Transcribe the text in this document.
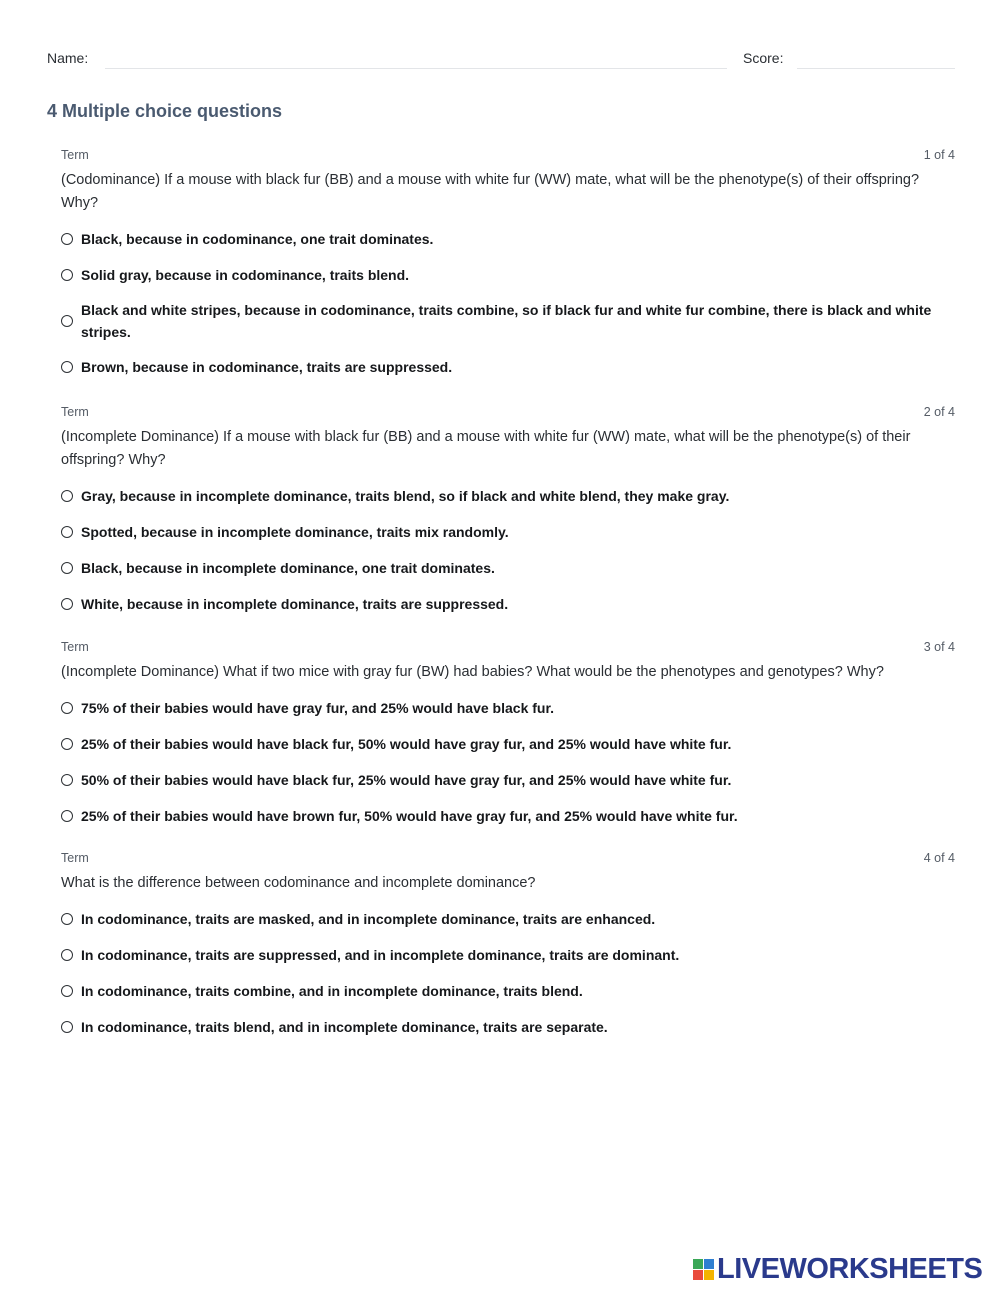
Name:	Score:
4 Multiple choice questions
Term	1 of 4
(Codominance) If a mouse with black fur (BB) and a mouse with white fur (WW) mate, what will be the phenotype(s) of their offspring? Why?
Black, because in codominance, one trait dominates.
Solid gray, because in codominance, traits blend.
Black and white stripes, because in codominance, traits combine, so if black fur and white fur combine, there is black and white stripes.
Brown, because in codominance, traits are suppressed.
Term	2 of 4
(Incomplete Dominance) If a mouse with black fur (BB) and a mouse with white fur (WW) mate, what will be the phenotype(s) of their offspring? Why?
Gray, because in incomplete dominance, traits blend, so if black and white blend, they make gray.
Spotted, because in incomplete dominance, traits mix randomly.
Black, because in incomplete dominance, one trait dominates.
White, because in incomplete dominance, traits are suppressed.
Term	3 of 4
(Incomplete Dominance) What if two mice with gray fur (BW) had babies? What would be the phenotypes and genotypes? Why?
75% of their babies would have gray fur, and 25% would have black fur.
25% of their babies would have black fur, 50% would have gray fur, and 25% would have white fur.
50% of their babies would have black fur, 25% would have gray fur, and 25% would have white fur.
25% of their babies would have brown fur, 50% would have gray fur, and 25% would have white fur.
Term	4 of 4
What is the difference between codominance and incomplete dominance?
In codominance, traits are masked, and in incomplete dominance, traits are enhanced.
In codominance, traits are suppressed, and in incomplete dominance, traits are dominant.
In codominance, traits combine, and in incomplete dominance, traits blend.
In codominance, traits blend, and in incomplete dominance, traits are separate.
LIVEWORKSHEETS
